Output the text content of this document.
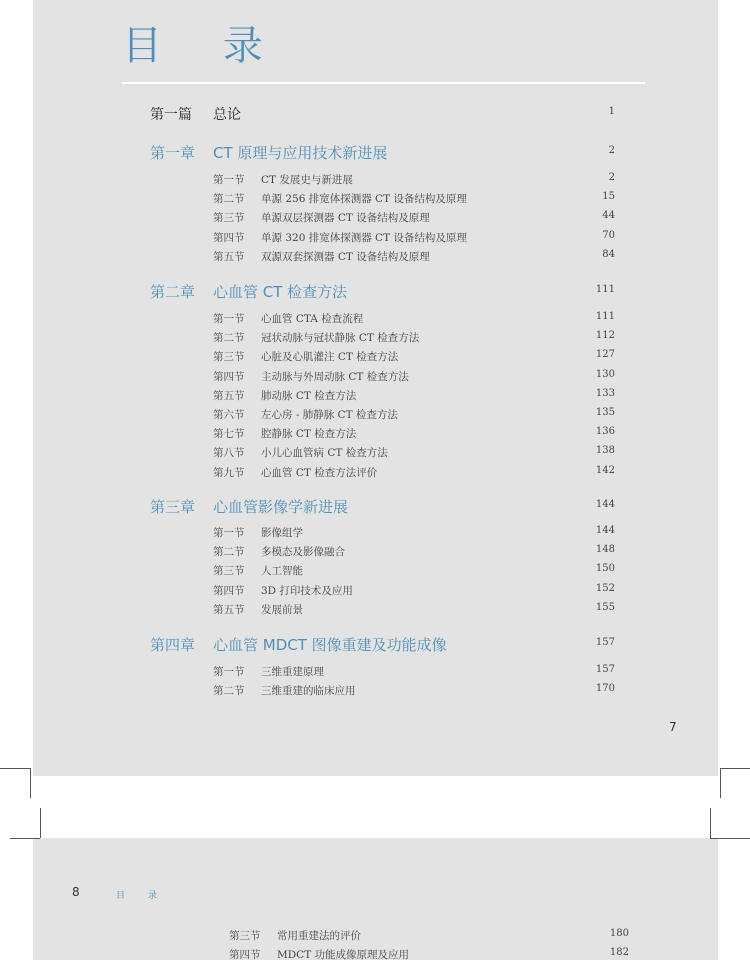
目 录
第一篇 总论	1
第一章 CT 原理与应用技术新进展	2
第一节 CT 发展史与新进展	2
第二节 单源 256 排宽体探测器 CT 设备结构及原理	15
第三节 单源双层探测器 CT 设备结构及原理	44
第四节 单源 320 排宽体探测器 CT 设备结构及原理	70
第五节 双源双套探测器 CT 设备结构及原理	84
第二章 心血管 CT 检查方法	111
第一节 心血管 CTA 检查流程	111
第二节 冠状动脉与冠状静脉 CT 检查方法	112
第三节 心脏及心肌灌注 CT 检查方法	127
第四节 主动脉与外周动脉 CT 检查方法	130
第五节 肺动脉 CT 检查方法	133
第六节 左心房 - 肺静脉 CT 检查方法	135
第七节 腔静脉 CT 检查方法	136
第八节 小儿心血管病 CT 检查方法	138
第九节 心血管 CT 检查方法评价	142
第三章 心血管影像学新进展	144
第一节 影像组学	144
第二节 多模态及影像融合	148
第三节 人工智能	150
第四节 3D 打印技术及应用	152
第五节 发展前景	155
第四章 心血管 MDCT 图像重建及功能成像	157
第一节 三维重建原理	157
第二节 三维重建的临床应用	170
7
8	目 录
第三节 常用重建法的评价	180
第四节 MDCT 功能成像原理及应用	182
